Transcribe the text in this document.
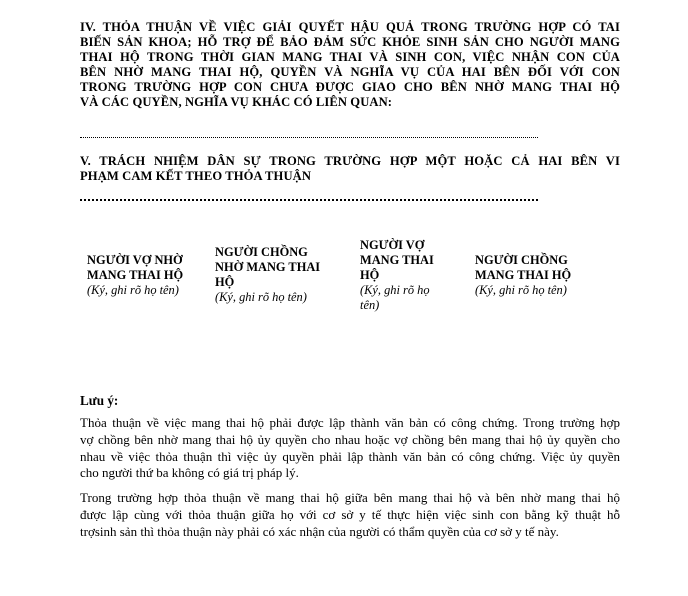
IV. THỎA THUẬN VỀ VIỆC GIẢI QUYẾT HẬU QUẢ TRONG TRƯỜNG HỢP CÓ TAI
BIẾN SẢN KHOA; HỖ TRỢ ĐỂ BẢO ĐẢM SỨC KHỎE SINH SẢN CHO NGƯỜI MANG
THAI HỘ TRONG THỜI GIAN MANG THAI VÀ SINH CON, VIỆC NHẬN CON CỦA
BÊN NHỜ MANG THAI HỘ, QUYỀN VÀ NGHĨA VỤ CỦA HAI BÊN ĐỐI VỚI CON
TRONG TRƯỜNG HỢP CON CHƯA ĐƯỢC GIAO CHO BÊN NHỜ MANG THAI HỘ
VÀ CÁC QUYỀN, NGHĨA VỤ KHÁC CÓ LIÊN QUAN:
V. TRÁCH NHIỆM DÂN SỰ TRONG TRƯỜNG HỢP MỘT HOẶC CẢ HAI BÊN VI
PHẠM CAM KẾT THEO THỎA THUẬN
NGƯỜI VỢ NHỜ
MANG THAI HỘ
(Ký, ghi rõ họ tên)
NGƯỜI CHỒNG
NHỜ MANG THAI
HỘ
(Ký, ghi rõ họ tên)
NGƯỜI VỢ
MANG THAI
HỘ
(Ký, ghi rõ họ
tên)
NGƯỜI CHỒNG
MANG THAI HỘ
(Ký, ghi rõ họ tên)
Lưu ý:
Thỏa thuận về việc mang thai hộ phải được lập thành văn bản có công chứng. Trong trường hợp
vợ chồng bên nhờ mang thai hộ ủy quyền cho nhau hoặc vợ chồng bên mang thai hộ ủy quyền cho
nhau về việc thỏa thuận thì việc ủy quyền phải lập thành văn bản có công chứng. Việc ủy quyền
cho người thứ ba không có giá trị pháp lý.
Trong trường hợp thỏa thuận về mang thai hộ giữa bên mang thai hộ và bên nhờ mang thai hộ
được lập cùng với thỏa thuận giữa họ với cơ sở y tế thực hiện việc sinh con bằng kỹ thuật hỗ
trợsinh sản thì thỏa thuận này phải có xác nhận của người có thẩm quyền của cơ sở y tế này.
